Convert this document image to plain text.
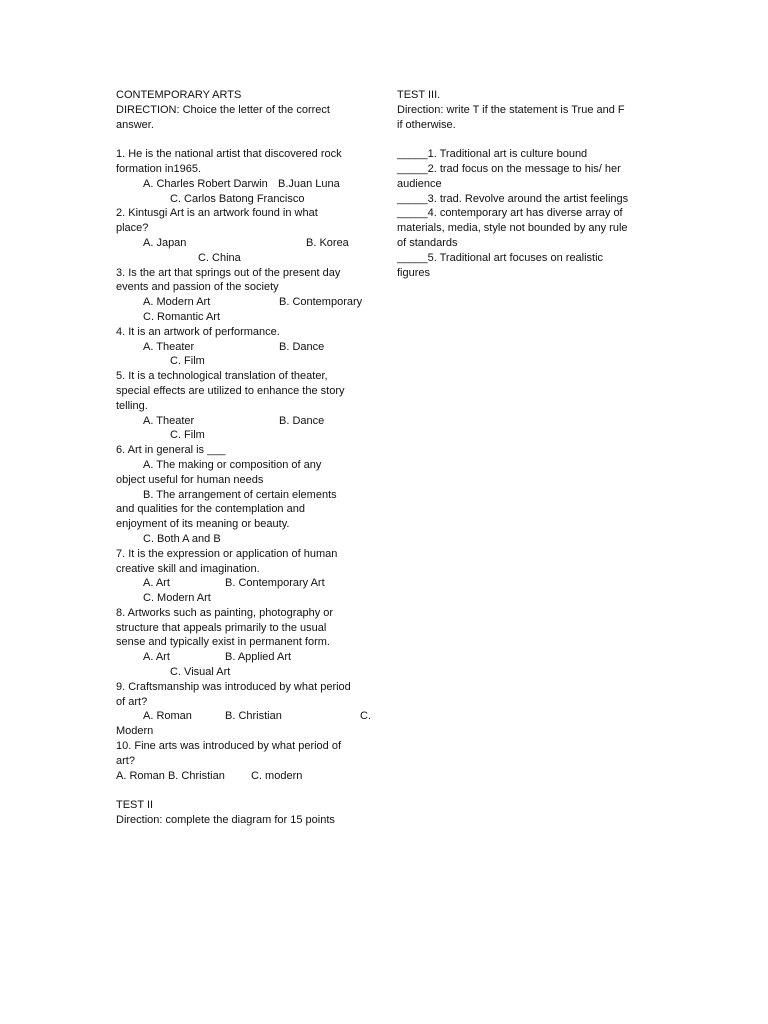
CONTEMPORARY ARTS
DIRECTION: Choice the letter of the correct
answer.
1. He is the national artist that discovered rock
formation in1965.
A. Charles Robert Darwin B.Juan Luna
C. Carlos Batong Francisco
2. Kintusgi Art is an artwork found in what
place?
A. Japan	B. Korea
C. China
3. Is the art that springs out of the present day
events and passion of the society
A. Modern Art	B. Contemporary
C. Romantic Art
4. It is an artwork of performance.
A. Theater	B. Dance
C. Film
5. It is a technological translation of theater,
special effects are utilized to enhance the story
telling.
A. Theater	B. Dance
C. Film
6. Art in general is ___
A. The making or composition of any
object useful for human needs
B. The arrangement of certain elements
and qualities for the contemplation and
enjoyment of its meaning or beauty.
C. Both A and B
7. It is the expression or application of human
creative skill and imagination.
A. Art	B. Contemporary Art
C. Modern Art
8. Artworks such as painting, photography or
structure that appeals primarily to the usual
sense and typically exist in permanent form.
A. Art	B. Applied Art
C. Visual Art
9. Craftsmanship was introduced by what period
of art?
A. Roman	B. Christian	C.
Modern
10. Fine arts was introduced by what period of
art?
A. Roman B. Christian C. modern
TEST II
Direction: complete the diagram for 15 points
TEST III.
Direction: write T if the statement is True and F
if otherwise.
_____1. Traditional art is culture bound
_____2. trad focus on the message to his/ her
audience
_____3. trad. Revolve around the artist feelings
_____4. contemporary art has diverse array of
materials, media, style not bounded by any rule
of standards
_____5. Traditional art focuses on realistic
figures
